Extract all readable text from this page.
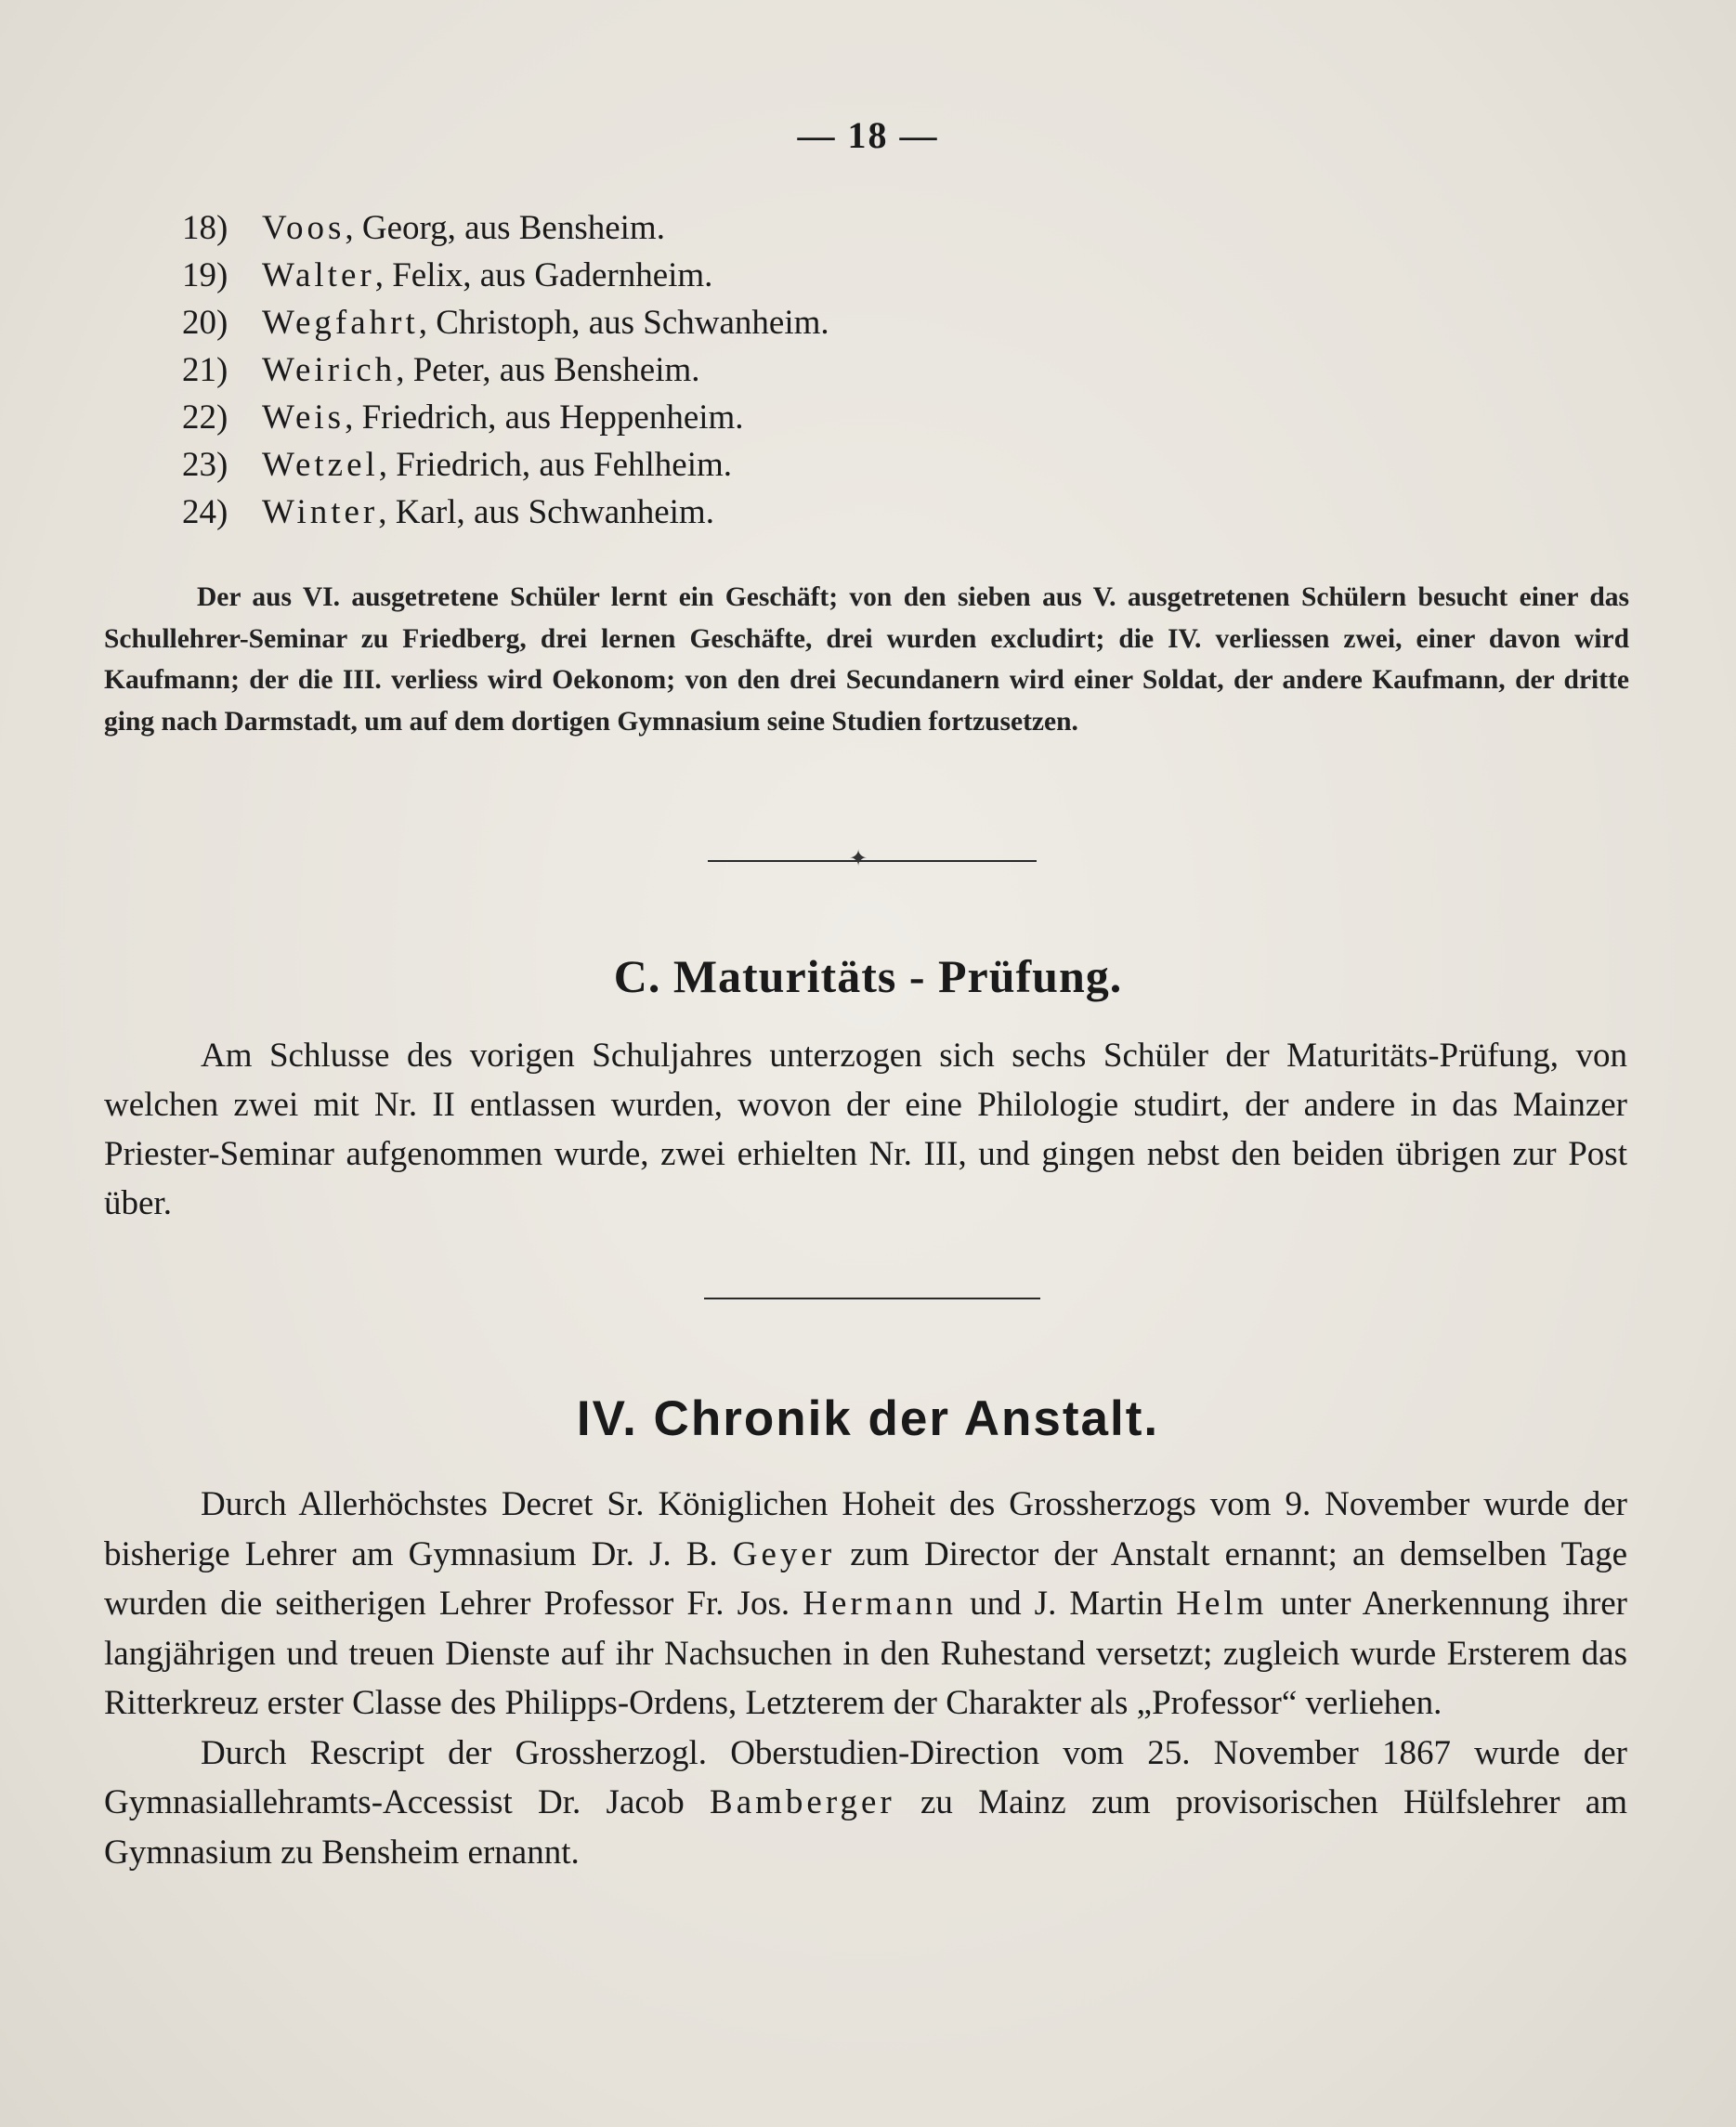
— 18 —
18) Voos, Georg, aus Bensheim.
19) Walter, Felix, aus Gadernheim.
20) Wegfahrt, Christoph, aus Schwanheim.
21) Weirich, Peter, aus Bensheim.
22) Weis, Friedrich, aus Heppenheim.
23) Wetzel, Friedrich, aus Fehlheim.
24) Winter, Karl, aus Schwanheim.
Der aus VI. ausgetretene Schüler lernt ein Geschäft; von den sieben aus V. ausgetretenen Schülern besucht einer das Schullehrer-Seminar zu Friedberg, drei lernen Geschäfte, drei wurden excludirt; die IV. verliessen zwei, einer davon wird Kaufmann; der die III. verliess wird Oekonom; von den drei Secundanern wird einer Soldat, der andere Kaufmann, der dritte ging nach Darmstadt, um auf dem dortigen Gymnasium seine Studien fortzusetzen.
✦
C. Maturitäts - Prüfung.

Am Schlusse des vorigen Schuljahres unterzogen sich sechs Schüler der Maturitäts-Prüfung, von welchen zwei mit Nr. II entlassen wurden, wovon der eine Philologie studirt, der andere in das Mainzer Priester-Seminar aufgenommen wurde, zwei erhielten Nr. III, und gingen nebst den beiden übrigen zur Post über.

IV. Chronik der Anstalt.

Durch Allerhöchstes Decret Sr. Königlichen Hoheit des Grossherzogs vom 9. November wurde der bisherige Lehrer am Gymnasium Dr. J. B. Geyer zum Director der Anstalt ernannt; an demselben Tage wurden die seitherigen Lehrer Professor Fr. Jos. Hermann und J. Martin Helm unter Anerkennung ihrer langjährigen und treuen Dienste auf ihr Nachsuchen in den Ruhestand versetzt; zugleich wurde Ersterem das Ritterkreuz erster Classe des Philipps-Ordens, Letzterem der Charakter als „Professor“ verliehen.

Durch Rescript der Grossherzogl. Oberstudien-Direction vom 25. November 1867 wurde der Gymnasiallehramts-Accessist Dr. Jacob Bamberger zu Mainz zum provisorischen Hülfslehrer am Gymnasium zu Bensheim ernannt.
